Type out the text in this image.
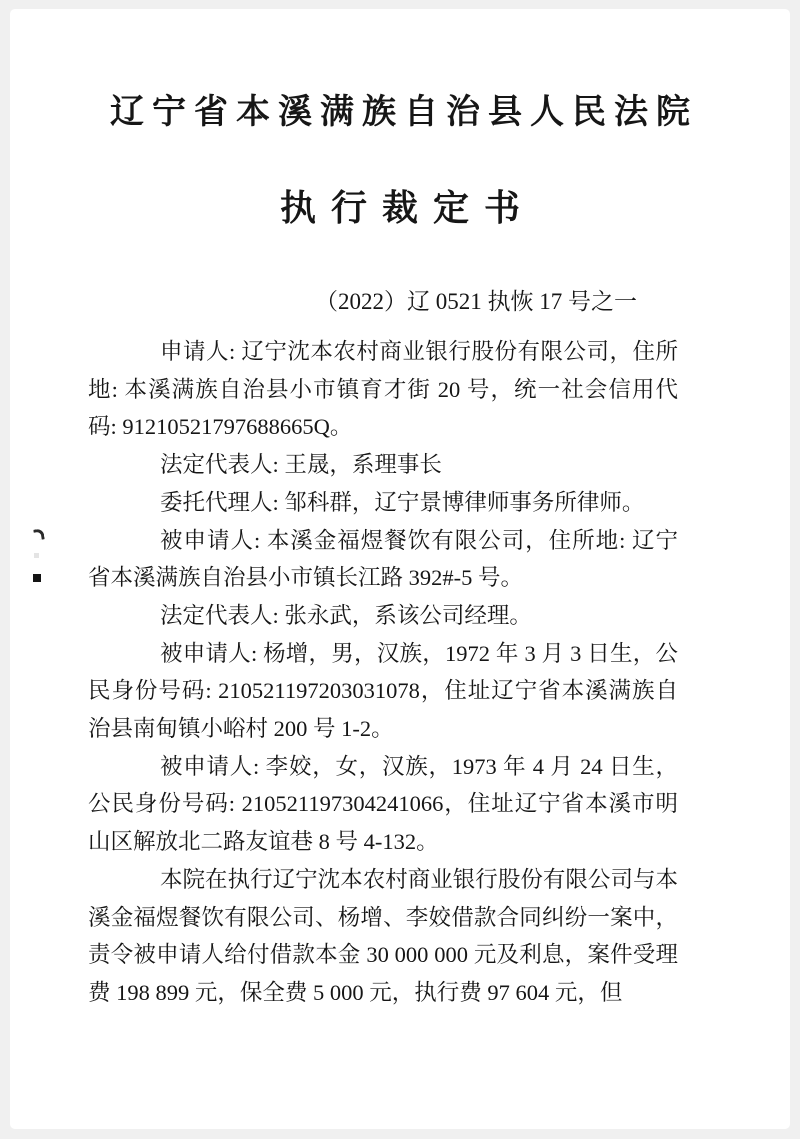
辽宁省本溪满族自治县人民法院
执行裁定书
（2022）辽 0521 执恢 17 号之一

申请人: 辽宁沈本农村商业银行股份有限公司，住所地: 本溪满族自治县小市镇育才街 20 号，统一社会信用代码: 91210521797688665Q。

法定代表人: 王晟，系理事长

委托代理人: 邹科群，辽宁景博律师事务所律师。

被申请人: 本溪金福煜餐饮有限公司，住所地: 辽宁省本溪满族自治县小市镇长江路 392#-5 号。

法定代表人: 张永武，系该公司经理。

被申请人: 杨增，男，汉族，1972 年 3 月 3 日生，公民身份号码: 210521197203031078，住址辽宁省本溪满族自治县南甸镇小峪村 200 号 1-2。

被申请人: 李姣，女，汉族，1973 年 4 月 24 日生，公民身份号码: 210521197304241066，住址辽宁省本溪市明山区解放北二路友谊巷 8 号 4-132。

本院在执行辽宁沈本农村商业银行股份有限公司与本溪金福煜餐饮有限公司、杨增、李姣借款合同纠纷一案中，责令被申请人给付借款本金 30 000 000 元及利息，案件受理费 198 899 元，保全费 5 000 元，执行费 97 604 元，但
